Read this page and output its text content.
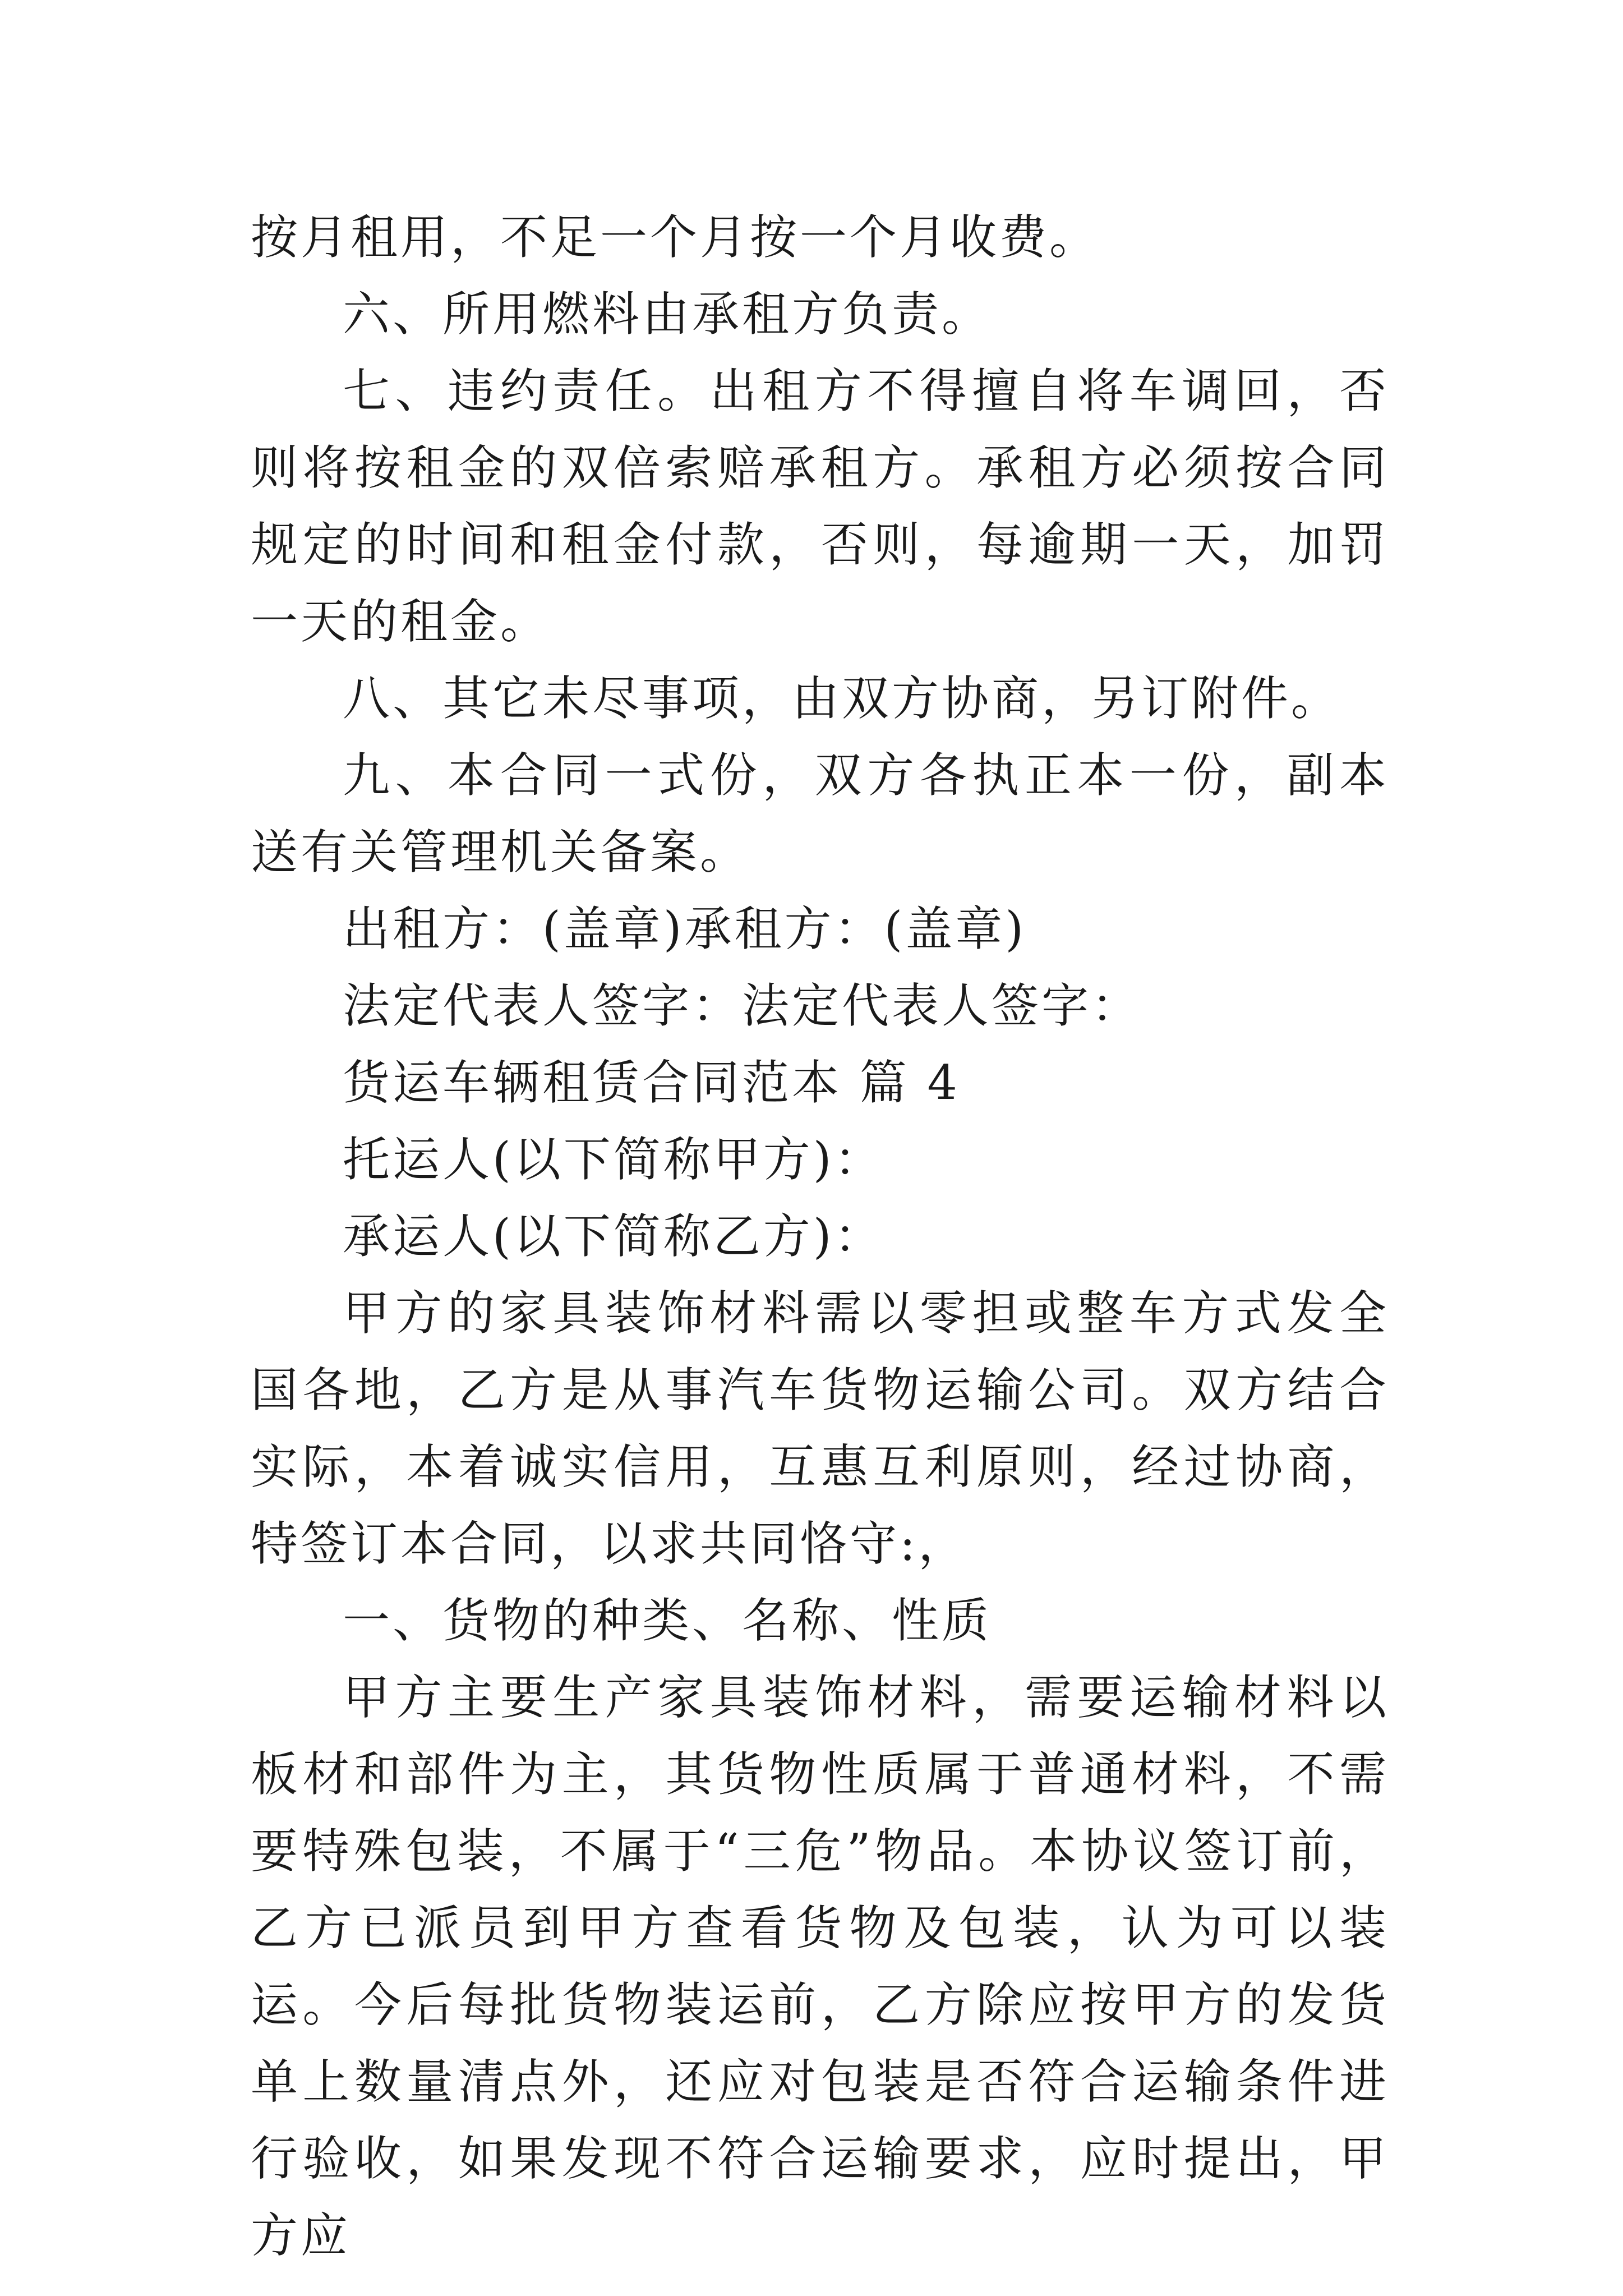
按月租用，不足一个月按一个月收费。

六、所用燃料由承租方负责。

七、违约责任。出租方不得擅自将车调回，否则将按租金的双倍索赔承租方。承租方必须按合同规定的时间和租金付款，否则，每逾期一天，加罚一天的租金。

八、其它未尽事项，由双方协商，另订附件。

九、本合同一式份，双方各执正本一份，副本送有关管理机关备案。

出租方：(盖章)承租方：(盖章)

法定代表人签字：法定代表人签字：

货运车辆租赁合同范本 篇 4

托运人(以下简称甲方)：

承运人(以下简称乙方)：

甲方的家具装饰材料需以零担或整车方式发全国各地，乙方是从事汽车货物运输公司。双方结合实际，本着诚实信用，互惠互利原则，经过协商，特签订本合同，以求共同恪守:，

一、货物的种类、名称、性质

甲方主要生产家具装饰材料，需要运输材料以板材和部件为主，其货物性质属于普通材料，不需要特殊包装，不属于“三危”物品。本协议签订前，乙方已派员到甲方查看货物及包装，认为可以装运。今后每批货物装运前，乙方除应按甲方的发货单上数量清点外，还应对包装是否符合运输条件进行验收，如果发现不符合运输要求，应时提出，甲方应
